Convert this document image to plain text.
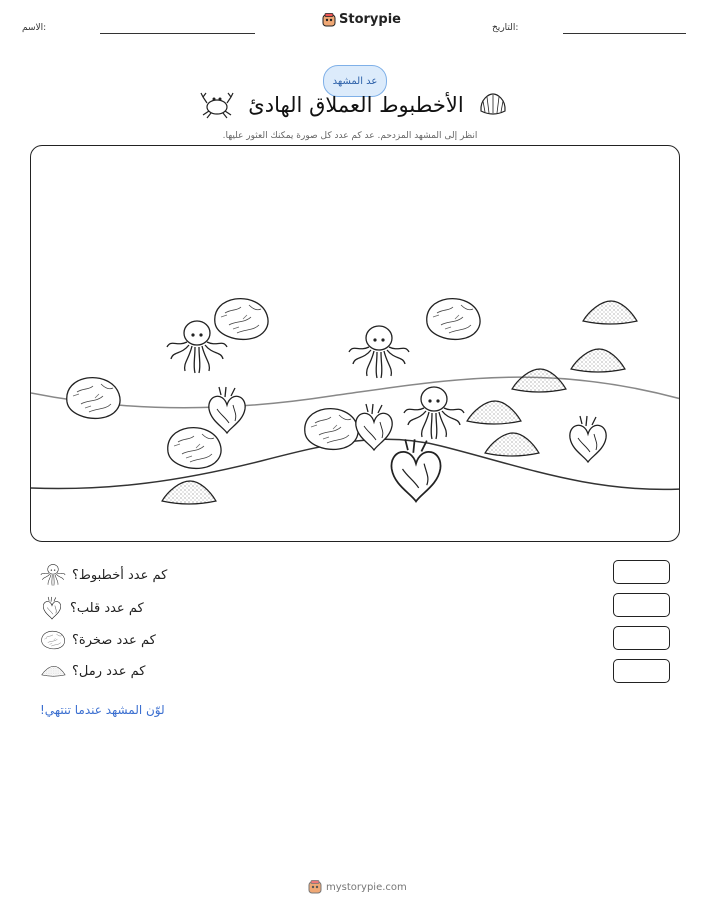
الاسم:
Storypie
التاريخ:
عد المشهد
الأخطبوط العملاق الهادئ
انظر إلى المشهد المزدحم. عد كم عدد كل صورة يمكنك العثور عليها.
كم عدد أخطبوط؟
كم عدد قلب؟
كم عدد صخرة؟
كم عدد رمل؟
لوّن المشهد عندما تنتهي!
mystorypie.com
